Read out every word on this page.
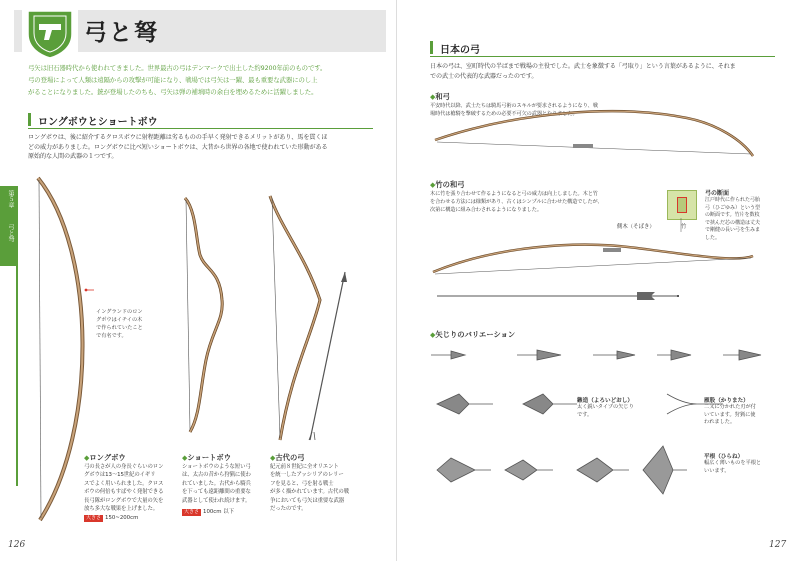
弓と弩
弓矢は旧石器時代から使われてきました。世界最古の弓はデンマークで出土した約9200年前のものです。
弓の登場によって人類は遠隔からの攻撃が可能になり、戦場では弓矢は一躍、最も重要な武器にのし上
がることになりました。銃が登場したのちも、弓矢は弾の補填時の余白を埋めるために活躍しました。
ロングボウとショートボウ
ロングボウは、後に紹介するクロスボウに射程距離は劣るものの手早く発射できるメリットがあり、馬を貫くほ
どの威力がありました。ロングボウに比べ短いショートボウは、大昔から世界の各地で使われていた形動がある
原始的な人間の武器の１つです。
第５章
弓と弩
イングランドのロン
グボウはイチイの木
で作られていたこと
で有名です。
◆ロングボウ
弓の長さが人の身長ぐらいのロン
グボウは13～15世紀のイギリ
スでよく用いられました。クロス
ボウの何倍もすばやく発射できる
長弓隊がロングボウで大量の矢を
放ち多大な戦果を上げました。
大きさ 150~200cm
◆ショートボウ
ショートボウのような短い弓
は、太古の昔から狩猟に使わ
れていました。古代から騎兵
を下っても遠距離間の重要な
武器として使われ続けます。
大きさ 100cm 以下
◆古代の弓
紀元前８世紀に全オリエント
を統一したアッシリアのレリー
フを見ると、弓を射る戦士
が多く描かれています。古代の戦
争においても弓矢は重要な武器
だったのです。
126
日本の弓
日本の弓は、室町時代の半ばまで戦場の主役でした。武士を象徴する「弓取り」という言葉があるように、それま
での武士の代表的な武器だったのです。
◆和弓
平安時代以降、武士たちは騎馬弓術のスキルが要求されるようになり、戦
場時代は槍騎を撃破するための必要不可欠の武器となりました。
◆竹の和弓
木に竹を張り合わせて作るようになると弓の威力は向上しました。木と竹
を合わせる方法には様類があり、古くはシンプルに合わせた構造でしたが、
次第に構造に組み合わされるようになりました。
弓の断面
江戸時代に作られた弓胎
弓（ひごゆみ）という型
の断面です。竹片を数枚
で挟んだ芯の構造は丈夫
で剛健の長い弓を生みま
した。
側木（そばき）	竹
◆矢じりのバリエーション
鏃造（よろいどおし）
太く鋭いタイプの矢じり
です。
雁股（かりまた）
二又に分かれた刃が付
いています。狩猟に使
われました。
平根（ひらね）
幅広く薄いものを平根と
いいます。
127
